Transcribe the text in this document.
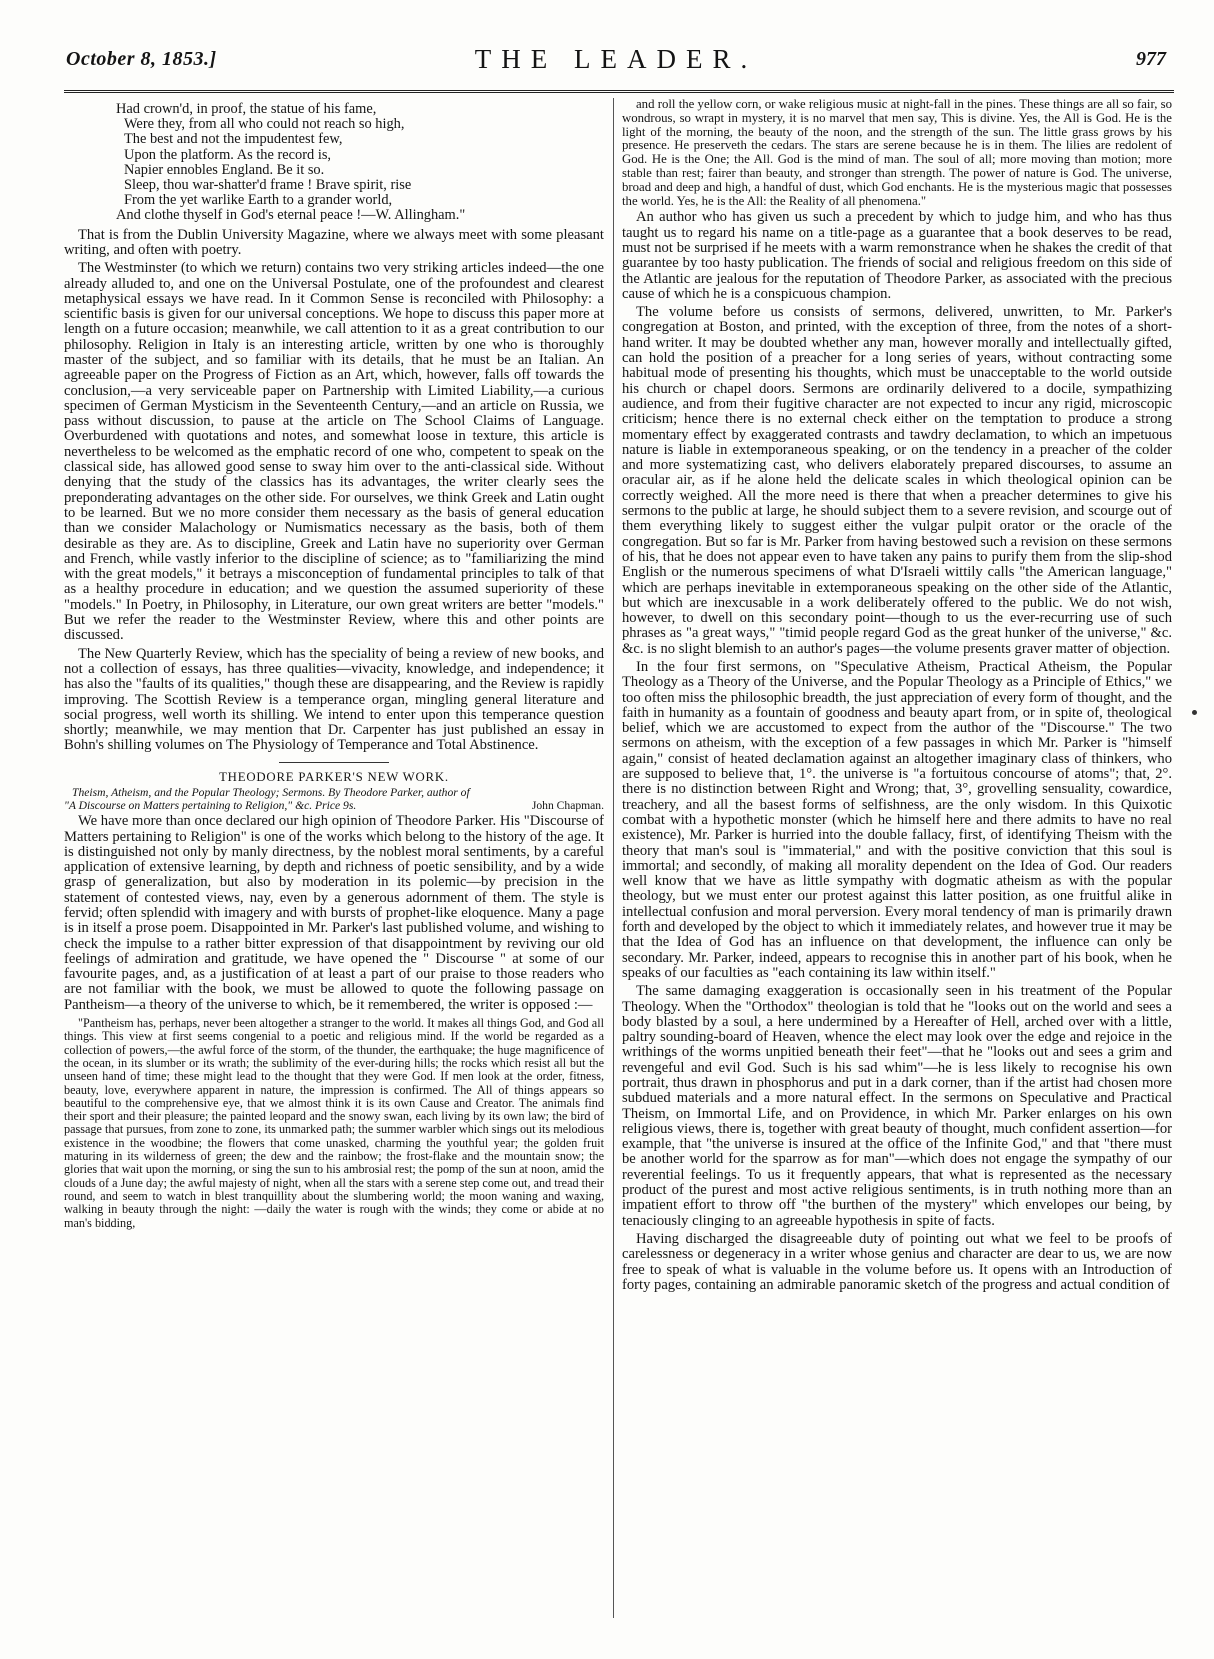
October 8, 1853.]	THE LEADER.	977
Had crown'd, in proof, the statue of his fame,
Were they, from all who could not reach so high,
The best and not the impudentest few,
Upon the platform. As the record is,
Napier ennobles England. Be it so.
Sleep, thou war-shatter'd frame ! Brave spirit, rise
From the yet warlike Earth to a grander world,
And clothe thyself in God's eternal peace !—W. Allingham."

That is from the Dublin University Magazine, where we always meet with some pleasant writing, and often with poetry.

The Westminster (to which we return) contains two very striking articles indeed—the one already alluded to, and one on the Universal Postulate, one of the profoundest and clearest metaphysical essays we have read. In it Common Sense is reconciled with Philosophy: a scientific basis is given for our universal conceptions. We hope to discuss this paper more at length on a future occasion; meanwhile, we call attention to it as a great contribution to our philosophy. Religion in Italy is an interesting article, written by one who is thoroughly master of the subject, and so familiar with its details, that he must be an Italian. An agreeable paper on the Progress of Fiction as an Art, which, however, falls off towards the conclusion,—a very serviceable paper on Partnership with Limited Liability,—a curious specimen of German Mysticism in the Seventeenth Century,—and an article on Russia, we pass without discussion, to pause at the article on The School Claims of Language. Overburdened with quotations and notes, and somewhat loose in texture, this article is nevertheless to be welcomed as the emphatic record of one who, competent to speak on the classical side, has allowed good sense to sway him over to the anti-classical side. Without denying that the study of the classics has its advantages, the writer clearly sees the preponderating advantages on the other side. For ourselves, we think Greek and Latin ought to be learned. But we no more consider them necessary as the basis of general education than we consider Malachology or Numismatics necessary as the basis, both of them desirable as they are. As to discipline, Greek and Latin have no superiority over German and French, while vastly inferior to the discipline of science; as to "familiarizing the mind with the great models," it betrays a misconception of fundamental principles to talk of that as a healthy procedure in education; and we question the assumed superiority of these "models." In Poetry, in Philosophy, in Literature, our own great writers are better "models." But we refer the reader to the Westminster Review, where this and other points are discussed.

The New Quarterly Review, which has the speciality of being a review of new books, and not a collection of essays, has three qualities—vivacity, knowledge, and independence; it has also the "faults of its qualities," though these are disappearing, and the Review is rapidly improving. The Scottish Review is a temperance organ, mingling general literature and social progress, well worth its shilling. We intend to enter upon this temperance question shortly; meanwhile, we may mention that Dr. Carpenter has just published an essay in Bohn's shilling volumes on The Physiology of Temperance and Total Abstinence.

THEODORE PARKER'S NEW WORK.
Theism, Atheism, and the Popular Theology; Sermons. By Theodore Parker, author of
"A Discourse on Matters pertaining to Religion," &c. Price 9s.	John Chapman.

We have more than once declared our high opinion of Theodore Parker. His "Discourse of Matters pertaining to Religion" is one of the works which belong to the history of the age. It is distinguished not only by manly directness, by the noblest moral sentiments, by a careful application of extensive learning, by depth and richness of poetic sensibility, and by a wide grasp of generalization, but also by moderation in its polemic—by precision in the statement of contested views, nay, even by a generous adornment of them. The style is fervid; often splendid with imagery and with bursts of prophet-like eloquence. Many a page is in itself a prose poem. Disappointed in Mr. Parker's last published volume, and wishing to check the impulse to a rather bitter expression of that disappointment by reviving our old feelings of admiration and gratitude, we have opened the " Discourse " at some of our favourite pages, and, as a justification of at least a part of our praise to those readers who are not familiar with the book, we must be allowed to quote the following passage on Pantheism—a theory of the universe to which, be it remembered, the writer is opposed :—

"Pantheism has, perhaps, never been altogether a stranger to the world. It makes all things God, and God all things. This view at first seems congenial to a poetic and religious mind. If the world be regarded as a collection of powers,—the awful force of the storm, of the thunder, the earthquake; the huge magnificence of the ocean, in its slumber or its wrath; the sublimity of the ever-during hills; the rocks which resist all but the unseen hand of time; these might lead to the thought that they were God. If men look at the order, fitness, beauty, love, everywhere apparent in nature, the impression is confirmed. The All of things appears so beautiful to the comprehensive eye, that we almost think it is its own Cause and Creator. The animals find their sport and their pleasure; the painted leopard and the snowy swan, each living by its own law; the bird of passage that pursues, from zone to zone, its unmarked path; the summer warbler which sings out its melodious existence in the woodbine; the flowers that come unasked, charming the youthful year; the golden fruit maturing in its wilderness of green; the dew and the rainbow; the frost-flake and the mountain snow; the glories that wait upon the morning, or sing the sun to his ambrosial rest; the pomp of the sun at noon, amid the clouds of a June day; the awful majesty of night, when all the stars with a serene step come out, and tread their round, and seem to watch in blest tranquillity about the slumbering world; the moon waning and waxing, walking in beauty through the night: —daily the water is rough with the winds; they come or abide at no man's bidding,
and roll the yellow corn, or wake religious music at night-fall in the pines. These things are all so fair, so wondrous, so wrapt in mystery, it is no marvel that men say, This is divine. Yes, the All is God. He is the light of the morning, the beauty of the noon, and the strength of the sun. The little grass grows by his presence. He preserveth the cedars. The stars are serene because he is in them. The lilies are redolent of God. He is the One; the All. God is the mind of man. The soul of all; more moving than motion; more stable than rest; fairer than beauty, and stronger than strength. The power of nature is God. The universe, broad and deep and high, a handful of dust, which God enchants. He is the mysterious magic that possesses the world. Yes, he is the All: the Reality of all phenomena."

An author who has given us such a precedent by which to judge him, and who has thus taught us to regard his name on a title-page as a guarantee that a book deserves to be read, must not be surprised if he meets with a warm remonstrance when he shakes the credit of that guarantee by too hasty publication. The friends of social and religious freedom on this side of the Atlantic are jealous for the reputation of Theodore Parker, as associated with the precious cause of which he is a conspicuous champion.

The volume before us consists of sermons, delivered, unwritten, to Mr. Parker's congregation at Boston, and printed, with the exception of three, from the notes of a short-hand writer. It may be doubted whether any man, however morally and intellectually gifted, can hold the position of a preacher for a long series of years, without contracting some habitual mode of presenting his thoughts, which must be unacceptable to the world outside his church or chapel doors. Sermons are ordinarily delivered to a docile, sympathizing audience, and from their fugitive character are not expected to incur any rigid, microscopic criticism; hence there is no external check either on the temptation to produce a strong momentary effect by exaggerated contrasts and tawdry declamation, to which an impetuous nature is liable in extemporaneous speaking, or on the tendency in a preacher of the colder and more systematizing cast, who delivers elaborately prepared discourses, to assume an oracular air, as if he alone held the delicate scales in which theological opinion can be correctly weighed. All the more need is there that when a preacher determines to give his sermons to the public at large, he should subject them to a severe revision, and scourge out of them everything likely to suggest either the vulgar pulpit orator or the oracle of the congregation. But so far is Mr. Parker from having bestowed such a revision on these sermons of his, that he does not appear even to have taken any pains to purify them from the slip-shod English or the numerous specimens of what D'Israeli wittily calls "the American language," which are perhaps inevitable in extemporaneous speaking on the other side of the Atlantic, but which are inexcusable in a work deliberately offered to the public. We do not wish, however, to dwell on this secondary point—though to us the ever-recurring use of such phrases as "a great ways," "timid people regard God as the great hunker of the universe," &c. &c. is no slight blemish to an author's pages—the volume presents graver matter of objection.

In the four first sermons, on "Speculative Atheism, Practical Atheism, the Popular Theology as a Theory of the Universe, and the Popular Theology as a Principle of Ethics," we too often miss the philosophic breadth, the just appreciation of every form of thought, and the faith in humanity as a fountain of goodness and beauty apart from, or in spite of, theological belief, which we are accustomed to expect from the author of the "Discourse." The two sermons on atheism, with the exception of a few passages in which Mr. Parker is "himself again," consist of heated declamation against an altogether imaginary class of thinkers, who are supposed to believe that, 1°. the universe is "a fortuitous concourse of atoms"; that, 2°. there is no distinction between Right and Wrong; that, 3°, grovelling sensuality, cowardice, treachery, and all the basest forms of selfishness, are the only wisdom. In this Quixotic combat with a hypothetic monster (which he himself here and there admits to have no real existence), Mr. Parker is hurried into the double fallacy, first, of identifying Theism with the theory that man's soul is "immaterial," and with the positive conviction that this soul is immortal; and secondly, of making all morality dependent on the Idea of God. Our readers well know that we have as little sympathy with dogmatic atheism as with the popular theology, but we must enter our protest against this latter position, as one fruitful alike in intellectual confusion and moral perversion. Every moral tendency of man is primarily drawn forth and developed by the object to which it immediately relates, and however true it may be that the Idea of God has an influence on that development, the influence can only be secondary. Mr. Parker, indeed, appears to recognise this in another part of his book, when he speaks of our faculties as "each containing its law within itself."

The same damaging exaggeration is occasionally seen in his treatment of the Popular Theology. When the "Orthodox" theologian is told that he "looks out on the world and sees a body blasted by a soul, a here undermined by a Hereafter of Hell, arched over with a little, paltry sounding-board of Heaven, whence the elect may look over the edge and rejoice in the writhings of the worms unpitied beneath their feet"—that he "looks out and sees a grim and revengeful and evil God. Such is his sad whim"—he is less likely to recognise his own portrait, thus drawn in phosphorus and put in a dark corner, than if the artist had chosen more subdued materials and a more natural effect. In the sermons on Speculative and Practical Theism, on Immortal Life, and on Providence, in which Mr. Parker enlarges on his own religious views, there is, together with great beauty of thought, much confident assertion—for example, that "the universe is insured at the office of the Infinite God," and that "there must be another world for the sparrow as for man"—which does not engage the sympathy of our reverential feelings. To us it frequently appears, that what is represented as the necessary product of the purest and most active religious sentiments, is in truth nothing more than an impatient effort to throw off "the burthen of the mystery" which envelopes our being, by tenaciously clinging to an agreeable hypothesis in spite of facts.

Having discharged the disagreeable duty of pointing out what we feel to be proofs of carelessness or degeneracy in a writer whose genius and character are dear to us, we are now free to speak of what is valuable in the volume before us. It opens with an Introduction of forty pages, containing an admirable panoramic sketch of the progress and actual condition of
